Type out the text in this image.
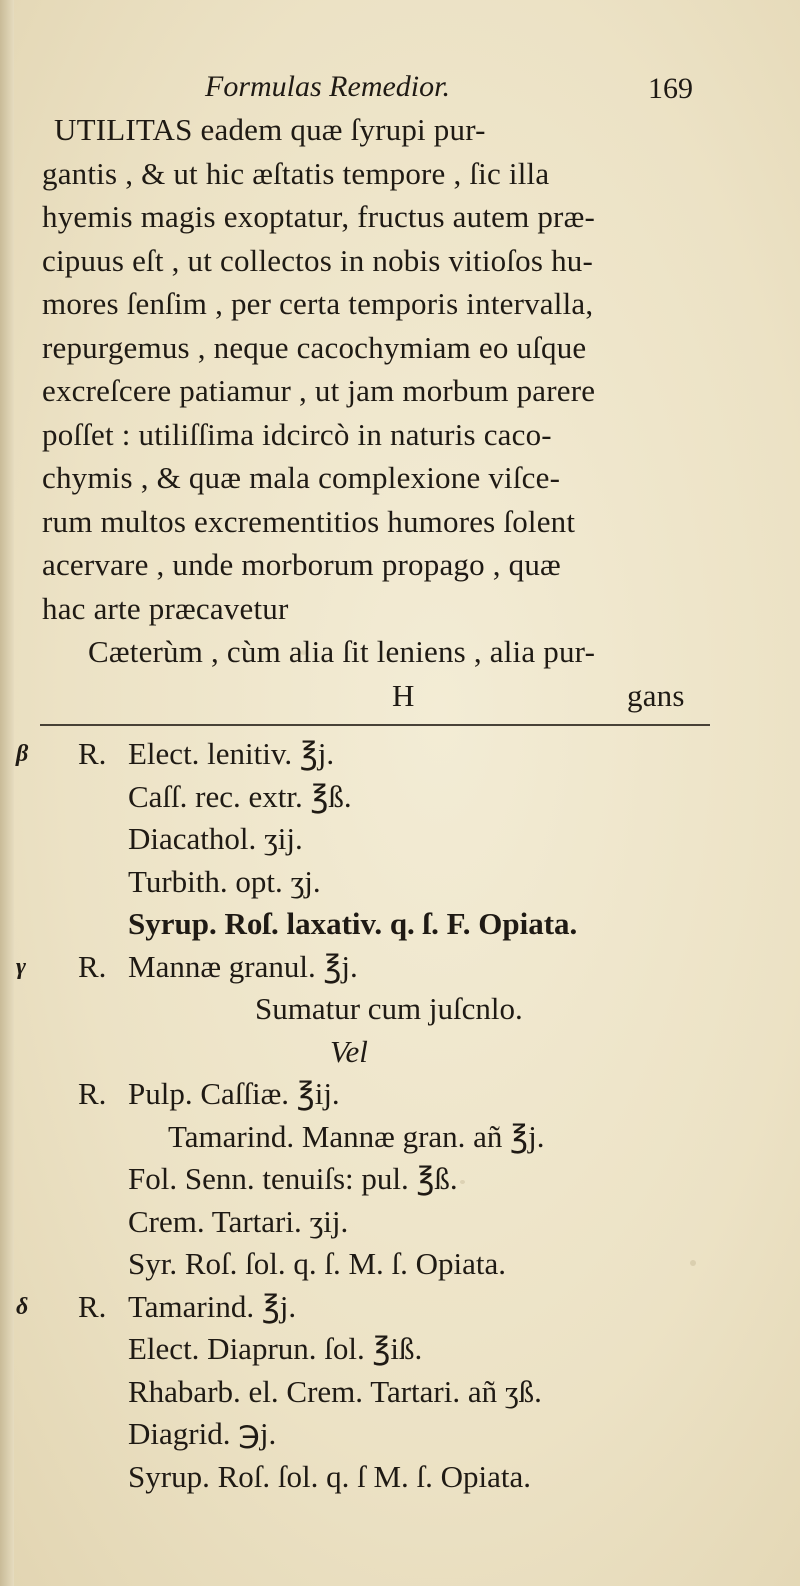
Formulas Remedior.	169
UTILITAS eadem quæ ſyrupi pur-
gantis , & ut hic æſtatis tempore , ſic illa
hyemis magis exoptatur, fructus autem præ-
cipuus eſt , ut collectos in nobis vitioſos hu-
mores ſenſim , per certa temporis intervalla,
repurgemus , neque cacochymiam eo uſque
excreſcere patiamur , ut jam morbum parere
poſſet : utiliſſima idcircò in naturis caco-
chymis , & quæ mala complexione viſce-
rum multos excrementitios humores ſolent
acervare , unde morborum propago , quæ
hac arte præcavetur
Cæterùm , cùm alia ſit leniens , alia pur-
H	gans
β R. Elect. lenitiv. ℥j.
Caſſ. rec. extr. ℥ß.
Diacathol. ʒij.
Turbith. opt. ʒj.
Syrup. Roſ. laxativ. q. ſ. F. Opiata.
γ R. Mannæ granul. ℥j.
Sumatur cum juſcnlo.
Vel
R. Pulp. Caſſiæ. ℥ij.
Tamarind. Mannæ gran. añ ℥j.
Fol. Senn. tenuiſs: pul. ℥ß.
Crem. Tartari. ʒij.
Syr. Roſ. ſol. q. ſ. M. ſ. Opiata.
δ R. Tamarind. ℥j.
Elect. Diaprun. ſol. ℥iß.
Rhabarb. el. Crem. Tartari. añ ʒß.
Diagrid. ℈j.
Syrup. Roſ. ſol. q. ſ M. ſ. Opiata.
